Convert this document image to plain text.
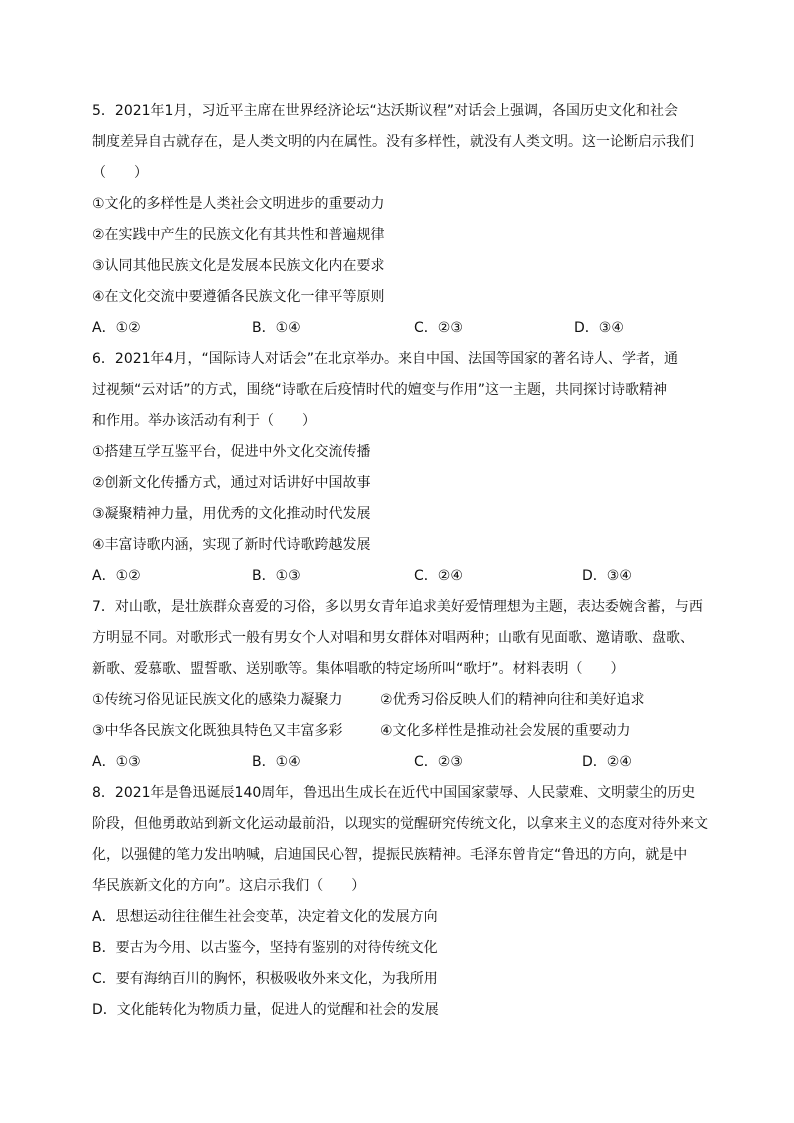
5．2021年1月，习近平主席在世界经济论坛“达沃斯议程”对话会上强调，各国历史文化和社会
制度差异自古就存在，是人类文明的内在属性。没有多样性，就没有人类文明。这一论断启示我们
（　　）
①文化的多样性是人类社会文明进步的重要动力
②在实践中产生的民族文化有其共性和普遍规律
③认同其他民族文化是发展本民族文化内在要求
④在文化交流中要遵循各民族文化一律平等原则
A．①②	B．①④	C．②③	D．③④
6．2021年4月，“国际诗人对话会”在北京举办。来自中国、法国等国家的著名诗人、学者，通
过视频“云对话”的方式，围绕“诗歌在后疫情时代的嬗变与作用”这一主题，共同探讨诗歌精神
和作用。举办该活动有利于（　　）
①搭建互学互鉴平台，促进中外文化交流传播
②创新文化传播方式，通过对话讲好中国故事
③凝聚精神力量，用优秀的文化推动时代发展
④丰富诗歌内涵，实现了新时代诗歌跨越发展
A．①②	B．①③	C．②④	D．③④
7．对山歌，是壮族群众喜爱的习俗，多以男女青年追求美好爱情理想为主题，表达委婉含蓄，与西
方明显不同。对歌形式一般有男女个人对唱和男女群体对唱两种；山歌有见面歌、邀请歌、盘歌、
新歌、爱慕歌、盟誓歌、送别歌等。集体唱歌的特定场所叫“歌圩”。材料表明（　　）
①传统习俗见证民族文化的感染力凝聚力	②优秀习俗反映人们的精神向往和美好追求
③中华各民族文化既独具特色又丰富多彩	④文化多样性是推动社会发展的重要动力
A．①③	B．①④	C．②③	D．②④
8．2021年是鲁迅诞辰140周年，鲁迅出生成长在近代中国国家蒙辱、人民蒙难、文明蒙尘的历史
阶段，但他勇敢站到新文化运动最前沿，以现实的觉醒研究传统文化，以拿来主义的态度对待外来文
化，以强健的笔力发出呐喊，启迪国民心智，提振民族精神。毛泽东曾肯定“鲁迅的方向，就是中
华民族新文化的方向”。这启示我们（　　）
A．思想运动往往催生社会变革，决定着文化的发展方向
B．要古为今用、以古鉴今，坚持有鉴别的对待传统文化
C．要有海纳百川的胸怀，积极吸收外来文化，为我所用
D．文化能转化为物质力量，促进人的觉醒和社会的发展
